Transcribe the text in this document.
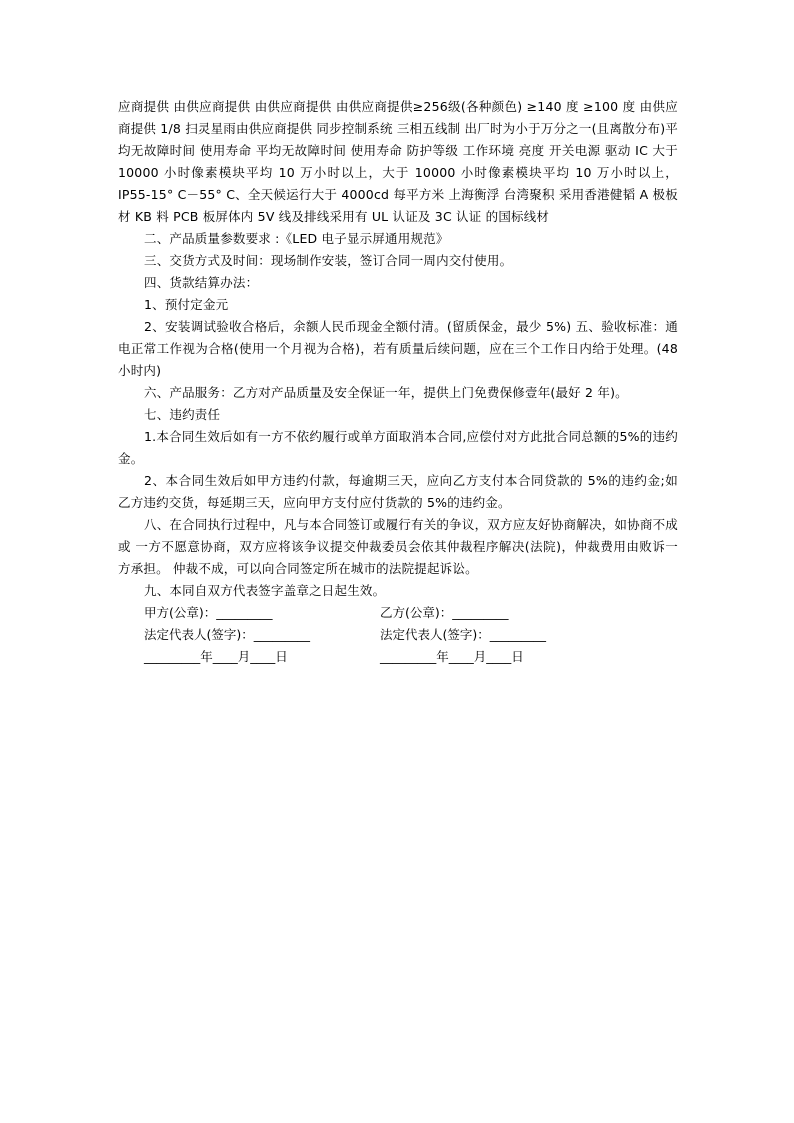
应商提供 由供应商提供 由供应商提供 由供应商提供≥256级(各种颜色) ≥140 度 ≥100 度 由供应商提供 1/8 扫灵星雨由供应商提供 同步控制系统 三相五线制 出厂时为小于万分之一(且离散分布)平均无故障时间 使用寿命 平均无故障时间 使用寿命 防护等级 工作环境 亮度 开关电源 驱动 IC 大于 10000 小时像素模块平均 10 万小时以上，大于 10000 小时像素模块平均 10 万小时以上， IP55-15° C－55° C、全天候运行大于 4000cd 每平方米 上海衡浮 台湾聚积 采用香港健韬 A 极板材 KB 料 PCB 板屏体内 5V 线及排线采用有 UL 认证及 3C 认证 的国标线材

二、产品质量参数要求 :《LED 电子显示屏通用规范》

三、交货方式及时间：现场制作安装，签订合同一周内交付使用。

四、货款结算办法：

1、预付定金元

2、安装调试验收合格后，余额人民币现金全额付清。(留质保金，最少 5%) 五、验收标准：通电正常工作视为合格(使用一个月视为合格)，若有质量后续问题，应在三个工作日内给于处理。(48 小时内)

六、产品服务：乙方对产品质量及安全保证一年，提供上门免费保修壹年(最好 2 年)。

七、违约责任

1.本合同生效后如有一方不依约履行或单方面取消本合同,应偿付对方此批合同总额的5%的违约金。

2、本合同生效后如甲方违约付款，每逾期三天，应向乙方支付本合同贷款的 5%的违约金;如 乙方违约交货，每延期三天，应向甲方支付应付货款的 5%的违约金。

八、在合同执行过程中，凡与本合同签订或履行有关的争议，双方应友好协商解决，如协商不成或 一方不愿意协商，双方应将该争议提交仲裁委员会依其仲裁程序解决(法院)，仲裁费用由败诉一方承担。 仲裁不成，可以向合同签定所在城市的法院提起诉讼。

九、本同自双方代表签字盖章之日起生效。

甲方(公章)：_________	乙方(公章)：_________
法定代表人(签字)：_________	法定代表人(签字)：_________
_________年____月____日	_________年____月____日
